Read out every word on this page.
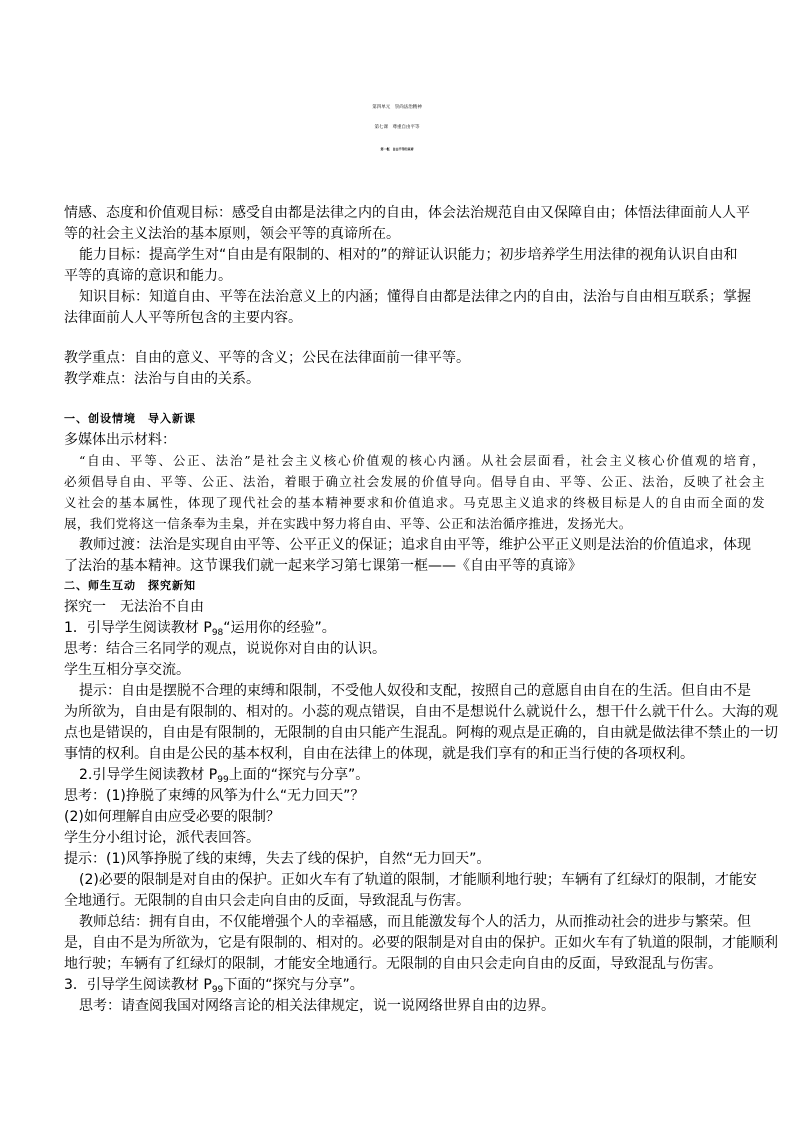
第四单元　崇尚法治精神

第七课　尊重自由平等

第一框　自由平等的真谛

情感、态度和价值观目标：感受自由都是法律之内的自由，体会法治规范自由又保障自由；体悟法律面前人人平

等的社会主义法治的基本原则，领会平等的真谛所在。

能力目标：提高学生对“自由是有限制的、相对的”的辩证认识能力；初步培养学生用法律的视角认识自由和

平等的真谛的意识和能力。

知识目标：知道自由、平等在法治意义上的内涵；懂得自由都是法律之内的自由，法治与自由相互联系；掌握

法律面前人人平等所包含的主要内容。

教学重点：自由的意义、平等的含义；公民在法律面前一律平等。

教学难点：法治与自由的关系。

一、创设情境　导入新课

多媒体出示材料：

“自由、平等、公正、法治”是社会主义核心价值观的核心内涵。从社会层面看，社会主义核心价值观的培育，

必须倡导自由、平等、公正、法治，着眼于确立社会发展的价值导向。倡导自由、平等、公正、法治，反映了社会主

义社会的基本属性，体现了现代社会的基本精神要求和价值追求。马克思主义追求的终极目标是人的自由而全面的发

展，我们党将这一信条奉为圭臬，并在实践中努力将自由、平等、公正和法治循序推进，发扬光大。

教师过渡：法治是实现自由平等、公平正义的保证；追求自由平等，维护公平正义则是法治的价值追求，体现

了法治的基本精神。这节课我们就一起来学习第七课第一框——《自由平等的真谛》

二、师生互动　探究新知

探究一　无法治不自由

1．引导学生阅读教材 $P_{98}“$运用你的经验”。

思考：结合三名同学的观点，说说你对自由的认识。

学生互相分享交流。

提示：自由是摆脱不合理的束缚和限制，不受他人奴役和支配，按照自己的意愿自由自在的生活。但自由不是

为所欲为，自由是有限制的、相对的。小蕊的观点错误，自由不是想说什么就说什么，想干什么就干什么。大海的观

点也是错误的，自由是有限制的，无限制的自由只能产生混乱。阿梅的观点是正确的，自由就是做法律不禁止的一切

事情的权利。自由是公民的基本权利，自由在法律上的体现，就是我们享有的和正当行使的各项权利。

2.引导学生阅读教材 $P_{99}$上面的“探究与分享”。

思考：(1)挣脱了束缚的风筝为什么“无力回天”？

(2)如何理解自由应受必要的限制？

学生分小组讨论，派代表回答。

提示：(1)风筝挣脱了线的束缚，失去了线的保护，自然“无力回天”。

(2)必要的限制是对自由的保护。正如火车有了轨道的限制，才能顺利地行驶；车辆有了红绿灯的限制，才能安

全地通行。无限制的自由只会走向自由的反面，导致混乱与伤害。

教师总结：拥有自由，不仅能增强个人的幸福感，而且能激发每个人的活力，从而推动社会的进步与繁荣。但

是，自由不是为所欲为，它是有限制的、相对的。必要的限制是对自由的保护。正如火车有了轨道的限制，才能顺利

地行驶；车辆有了红绿灯的限制，才能安全地通行。无限制的自由只会走向自由的反面，导致混乱与伤害。

3．引导学生阅读教材 $P_{99}$下面的“探究与分享”。

思考：请查阅我国对网络言论的相关法律规定，说一说网络世界自由的边界。
